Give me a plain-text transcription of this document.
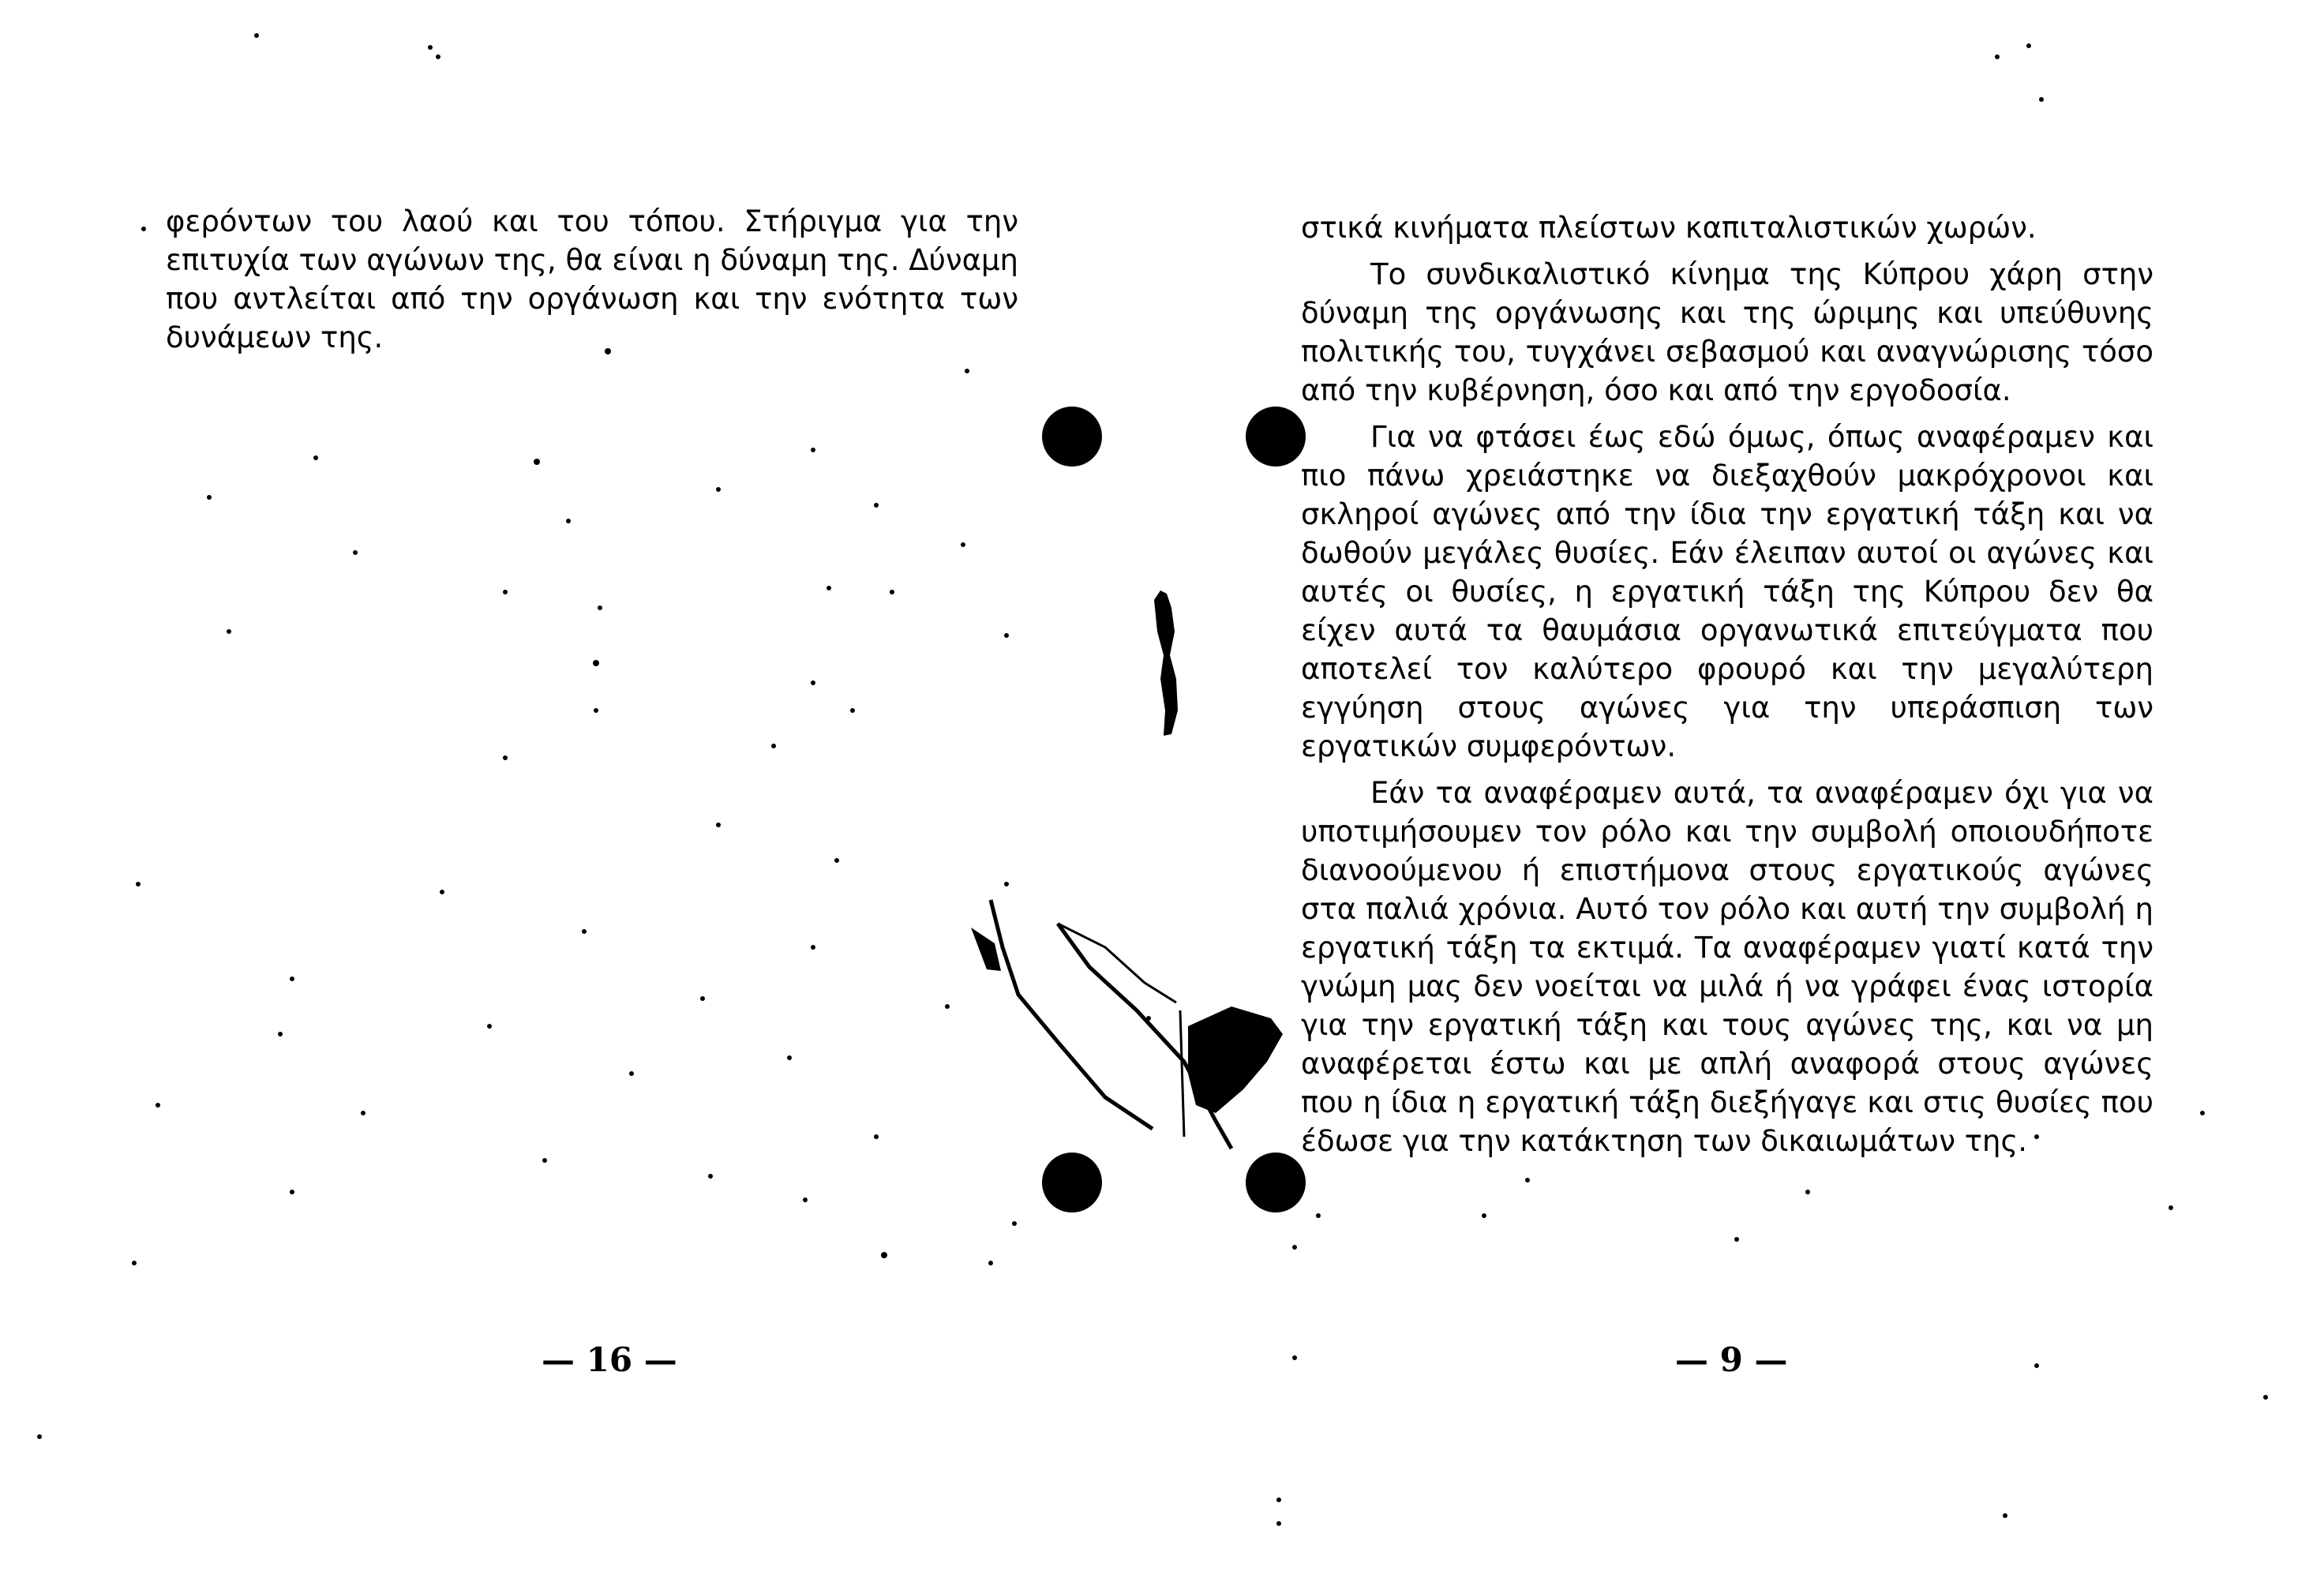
φερόντων του λαού και του τόπου. Στήριγμα για την επιτυχία των αγώνων της, θα είναι η δύναμη της. Δύναμη που αντλείται από την οργάνωση και την ενότητα των δυνάμεων της.

— 16 —

στικά κινήματα πλείστων καπιταλιστικών χωρών.

Το συνδικαλιστικό κίνημα της Κύπρου χάρη στην δύναμη της οργάνωσης και της ώριμης και υπεύθυνης πολιτικής του, τυγχάνει σεβασμού και αναγνώρισης τόσο από την κυβέρνηση, όσο και από την εργοδοσία.

Για να φτάσει έως εδώ όμως, όπως αναφέραμεν και πιο πάνω χρειάστηκε να διεξαχθούν μακρόχρονοι και σκληροί αγώνες από την ίδια την εργατική τάξη και να δωθούν μεγάλες θυσίες. Εάν έλειπαν αυτοί οι αγώνες και αυτές οι θυσίες, η εργατική τάξη της Κύπρου δεν θα είχεν αυτά τα θαυμάσια οργανωτικά επιτεύγματα που αποτελεί τον καλύτερο φρουρό και την μεγαλύτερη εγγύηση στους αγώνες για την υπεράσπιση των εργατικών συμφερόντων.

Εάν τα αναφέραμεν αυτά, τα αναφέραμεν όχι για να υποτιμήσουμεν τον ρόλο και την συμβολή οποιουδήποτε διανοούμενου ή επιστήμονα στους εργατικούς αγώνες στα παλιά χρόνια. Αυτό τον ρόλο και αυτή την συμβολή η εργατική τάξη τα εκτιμά. Τα αναφέραμεν γιατί κατά την γνώμη μας δεν νοείται να μιλά ή να γράφει ένας ιστορία για την εργατική τάξη και τους αγώνες της, και να μη αναφέρεται έστω και με απλή αναφορά στους αγώνες που η ίδια η εργατική τάξη διεξήγαγε και στις θυσίες που έδωσε για την κατάκτηση των δικαιωμάτων της.

— 9 —
